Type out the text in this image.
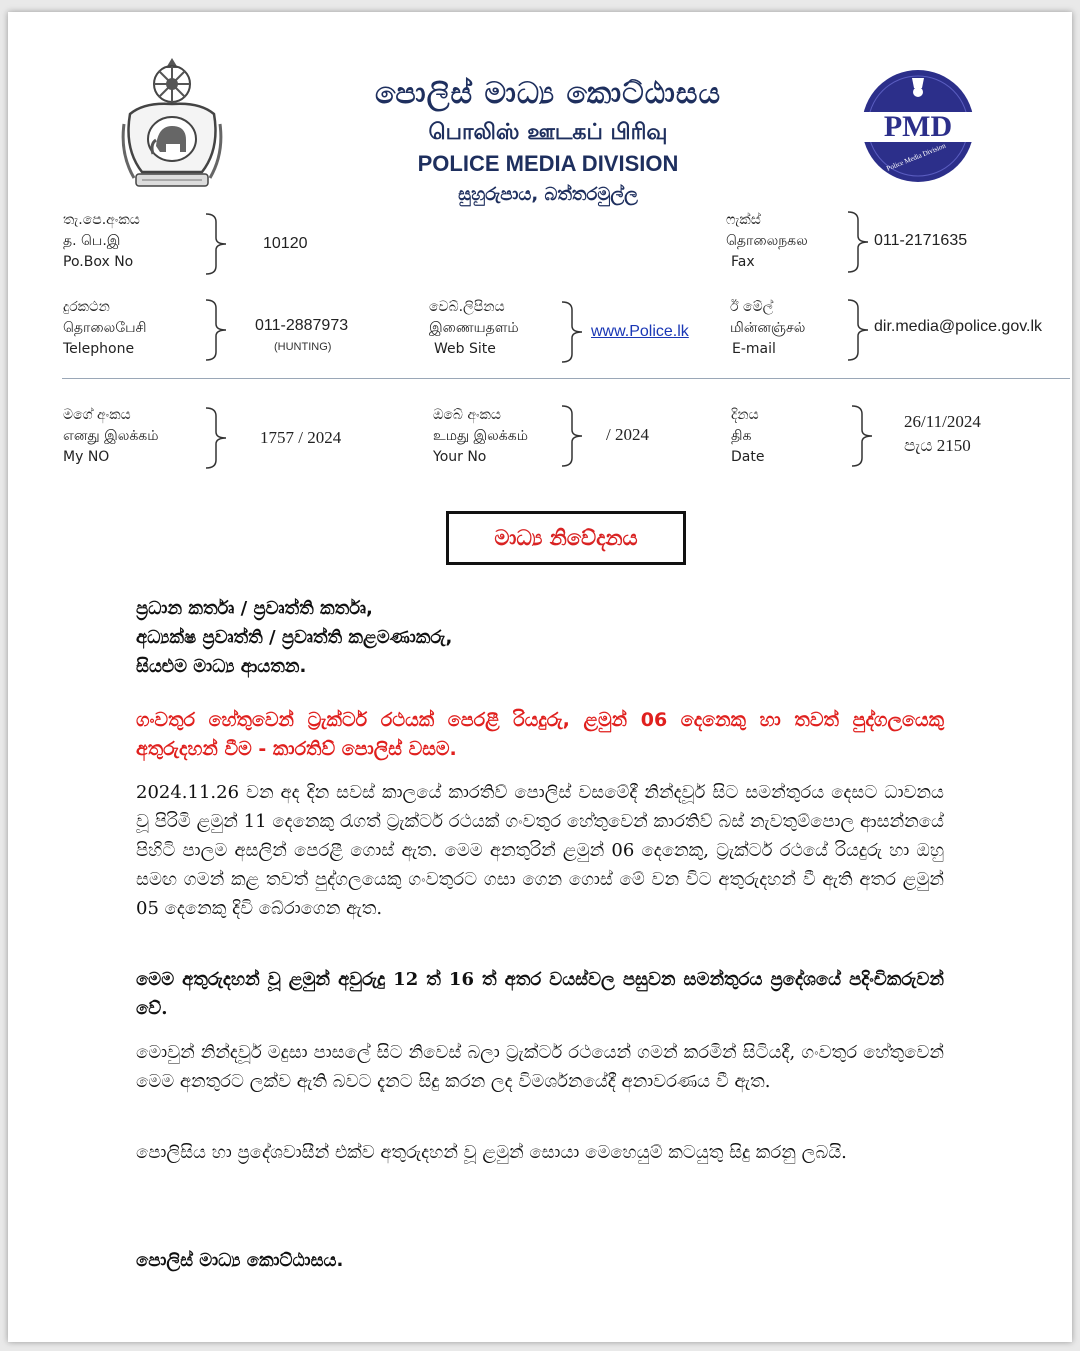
පොලිස් මාධ්‍ය කොට්ඨාසය
பொலிஸ் ஊடகப் பிரிவு
POLICE MEDIA DIVISION
සුහුරුපාය, බත්තරමුල්ල
PMD
Police Media Division
තැ.පෙ.අංකය
த. பெ.இ
Po.Box No
10120
ෆැක්ස්
தொலைநகல
Fax
011-2171635
දුරකථන
தொலைபேசி
Telephone
011-2887973
(HUNTING)
වෙබ්.ලිපිනය
இணையதளம்
Web Site
www.Police.lk
ඊ මේල්
மின்னஞ்சல்
E-mail
dir.media@police.gov.lk
මගේ අංකය
எனது இலக்கம்
My NO
1757 / 2024
ඔබේ අංකය
உமது இலக்கம்
Your No
/ 2024
දිනය
திக
Date
26/11/2024
පැය 2150
මාධ්‍ය නිවේදනය
ප්‍රධාන කර්තෘ / ප්‍රවෘත්ති කර්තෘ,
අධ්‍යක්ෂ ප්‍රවෘත්ති / ප්‍රවෘත්ති කළමණාකරු,
සියළුම මාධ්‍ය ආයතන.
ගංවතුර හේතුවෙන් ට්‍රැක්ටර් රථයක් පෙරළී රියදුරු, ළමුන් 06 දෙනෙකු හා තවත් පුද්ගලයෙකු අතුරුදහන් වීම - කාරතිව් පොලිස් වසම.
2024.11.26 වන අද දින සවස් කාලයේ කාරතිව් පොලිස් වසමේදී නින්දවූර් සිට සමන්තුරය දෙසට ධාවනය වූ පිරිමි ළමුන් 11 දෙනෙකු රැගත් ට්‍රැක්ටර් රථයක් ගංවතුර හේතුවෙන් කාරතිව් බස් නැවතුම්පොල ආසන්නයේ පිහිටි පාලම අසලින් පෙරළී ගොස් ඇත. මෙම අනතුරින් ළමුන් 06 දෙනෙකු, ට්‍රැක්ටර් රථයේ රියදුරු හා ඔහු සමඟ ගමන් කළ තවත් පුද්ගලයෙකු ගංවතුරට ගසා ගෙන ගොස් මේ වන විට අතුරුදහන් වී ඇති අතර ළමුන් 05 දෙනෙකු දිවි බේරාගෙන ඇත.
මෙම අතුරුදහන් වූ ළමුන් අවුරුදු 12 ත් 16 ත් අතර වයස්වල පසුවන සමන්තුරය ප්‍රදේශයේ පදිංචිකරුවන් වේ.
මොවුන් නින්දවූර් මදුසා පාසලේ සිට නිවෙස් බලා ට්‍රැක්ටර් රථයෙන් ගමන් කරමින් සිටියදී, ගංවතුර හේතුවෙන් මෙම අනතුරට ලක්ව ඇති බවට දැනට සිදු කරන ලද විමර්ශනයේදී අනාවරණය වී ඇත.
පොලිසිය හා ප්‍රදේශවාසීන් එක්ව අතුරුදහන් වූ ළමුන් සොයා මෙහෙයුම් කටයුතු සිදු කරනු ලබයි.
පොලිස් මාධ්‍ය කොට්ඨාසය.
